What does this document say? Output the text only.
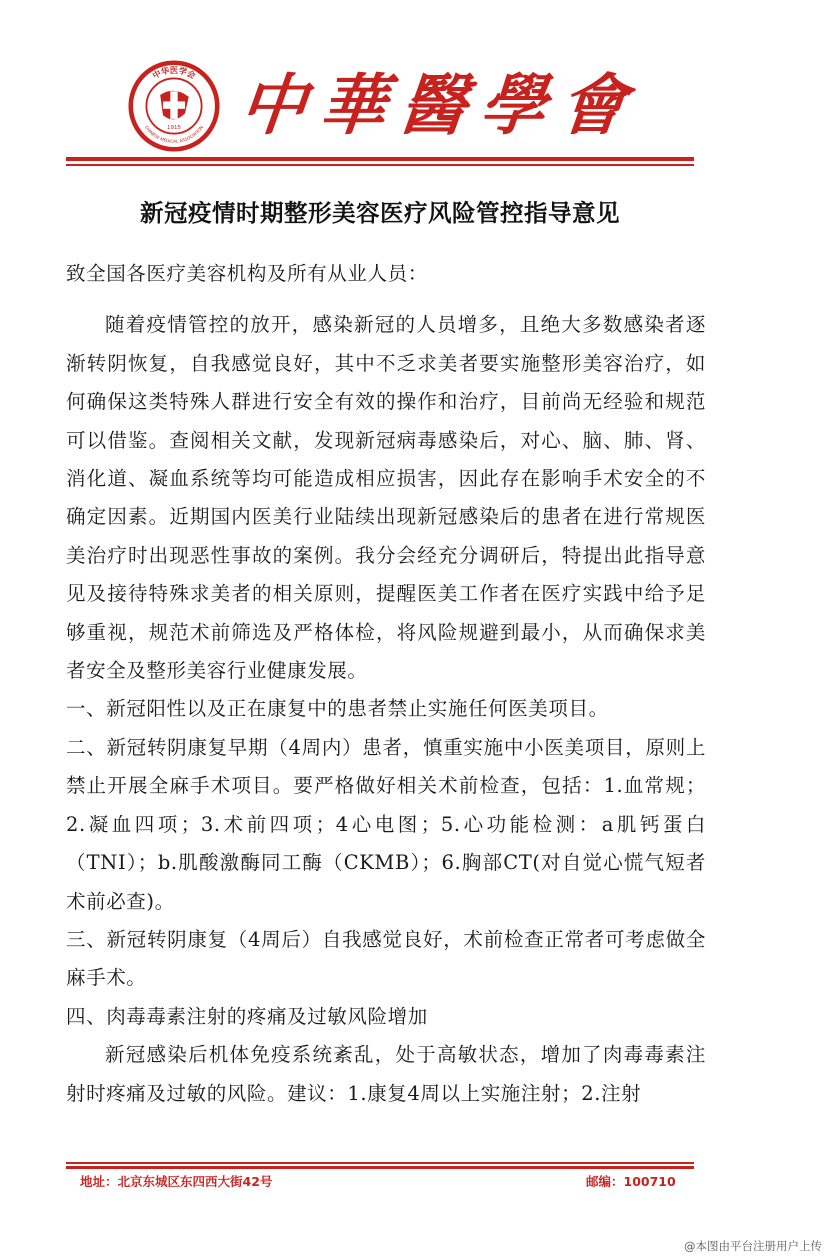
中华医学会
CHINESE MEDICAL ASSOCIATION
1915 中華醫學會
新冠疫情时期整形美容医疗风险管控指导意见

致全国各医疗美容机构及所有从业人员：

随着疫情管控的放开，感染新冠的人员增多，且绝大多数感染者逐渐转阴恢复，自我感觉良好，其中不乏求美者要实施整形美容治疗，如何确保这类特殊人群进行安全有效的操作和治疗，目前尚无经验和规范可以借鉴。查阅相关文献，发现新冠病毒感染后，对心、脑、肺、肾、消化道、凝血系统等均可能造成相应损害，因此存在影响手术安全的不确定因素。近期国内医美行业陆续出现新冠感染后的患者在进行常规医美治疗时出现恶性事故的案例。我分会经充分调研后，特提出此指导意见及接待特殊求美者的相关原则，提醒医美工作者在医疗实践中给予足够重视，规范术前筛选及严格体检，将风险规避到最小，从而确保求美者安全及整形美容行业健康发展。

一、新冠阳性以及正在康复中的患者禁止实施任何医美项目。

二、新冠转阴康复早期（4周内）患者，慎重实施中小医美项目，原则上禁止开展全麻手术项目。要严格做好相关术前检查，包括：1.血常规；2.凝血四项；3.术前四项；4心电图；5.心功能检测：a肌钙蛋白（TNI）；b.肌酸激酶同工酶（CKMB）；6.胸部CT(对自觉心慌气短者术前必查)。

三、新冠转阴康复（4周后）自我感觉良好，术前检查正常者可考虑做全麻手术。

四、肉毒毒素注射的疼痛及过敏风险增加

新冠感染后机体免疫系统紊乱，处于高敏状态，增加了肉毒毒素注射时疼痛及过敏的风险。建议：1.康复4周以上实施注射；2.注射

地址：北京东城区东四西大街42号	邮编：100710
@本图由平台注册用户上传
